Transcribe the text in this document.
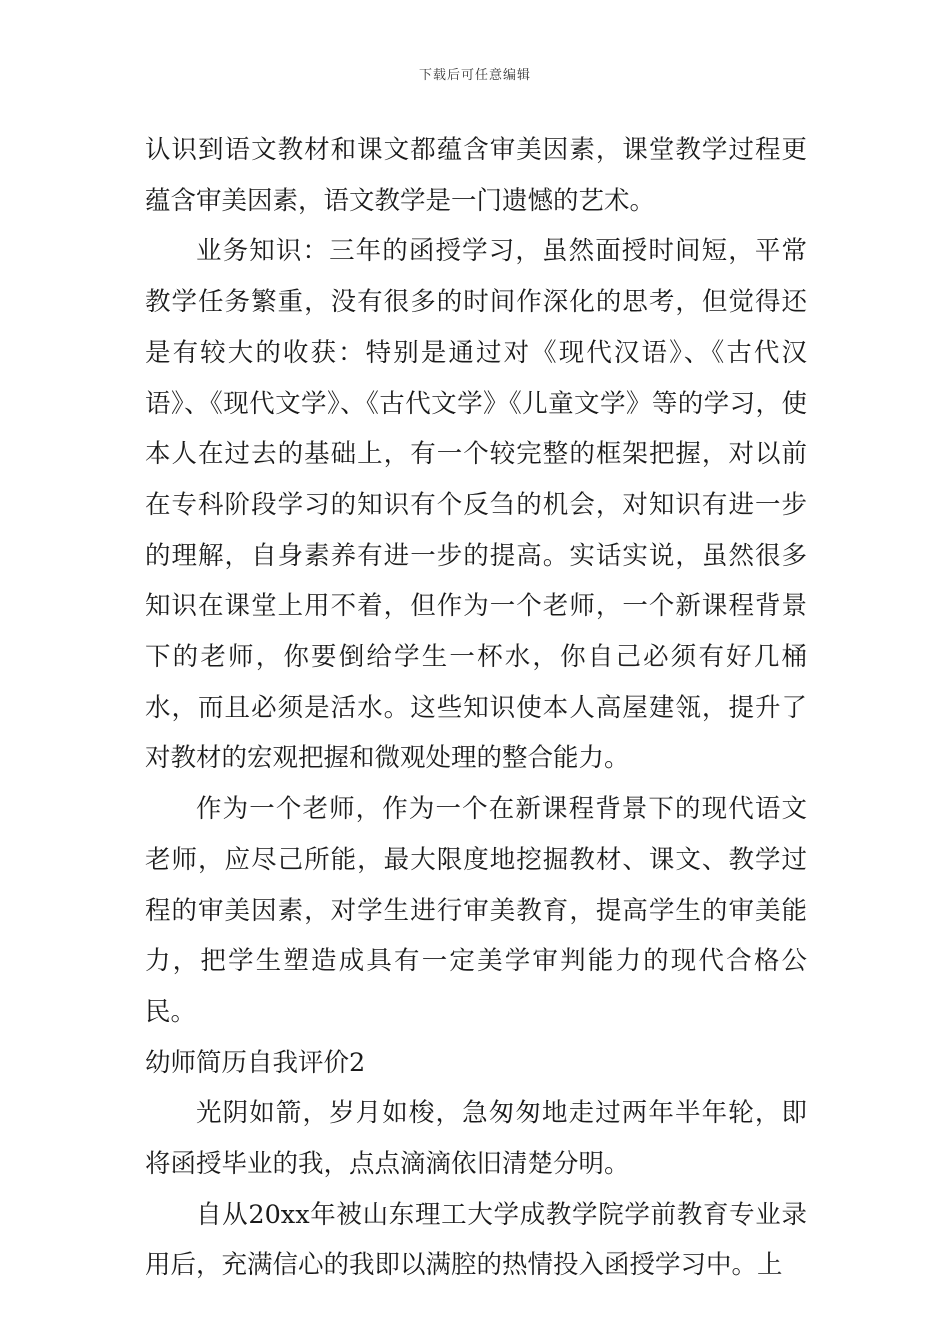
下载后可任意编辑

认识到语文教材和课文都蕴含审美因素，课堂教学过程更蕴含审美因素，语文教学是一门遗憾的艺术。

业务知识：三年的函授学习，虽然面授时间短，平常教学任务繁重，没有很多的时间作深化的思考，但觉得还是有较大的收获：特别是通过对《现代汉语》、《古代汉语》、《现代文学》、《古代文学》《儿童文学》等的学习，使本人在过去的基础上，有一个较完整的框架把握，对以前在专科阶段学习的知识有个反刍的机会，对知识有进一步的理解，自身素养有进一步的提高。实话实说，虽然很多知识在课堂上用不着，但作为一个老师，一个新课程背景下的老师，你要倒给学生一杯水，你自己必须有好几桶水，而且必须是活水。这些知识使本人高屋建瓴，提升了对教材的宏观把握和微观处理的整合能力。

作为一个老师，作为一个在新课程背景下的现代语文老师，应尽己所能，最大限度地挖掘教材、课文、教学过程的审美因素，对学生进行审美教育，提高学生的审美能力，把学生塑造成具有一定美学审判能力的现代合格公民。

幼师简历自我评价2

光阴如箭，岁月如梭，急匆匆地走过两年半年轮，即将函授毕业的我，点点滴滴依旧清楚分明。

自从20xx年被山东理工大学成教学院学前教育专业录用后，充满信心的我即以满腔的热情投入函授学习中。上
